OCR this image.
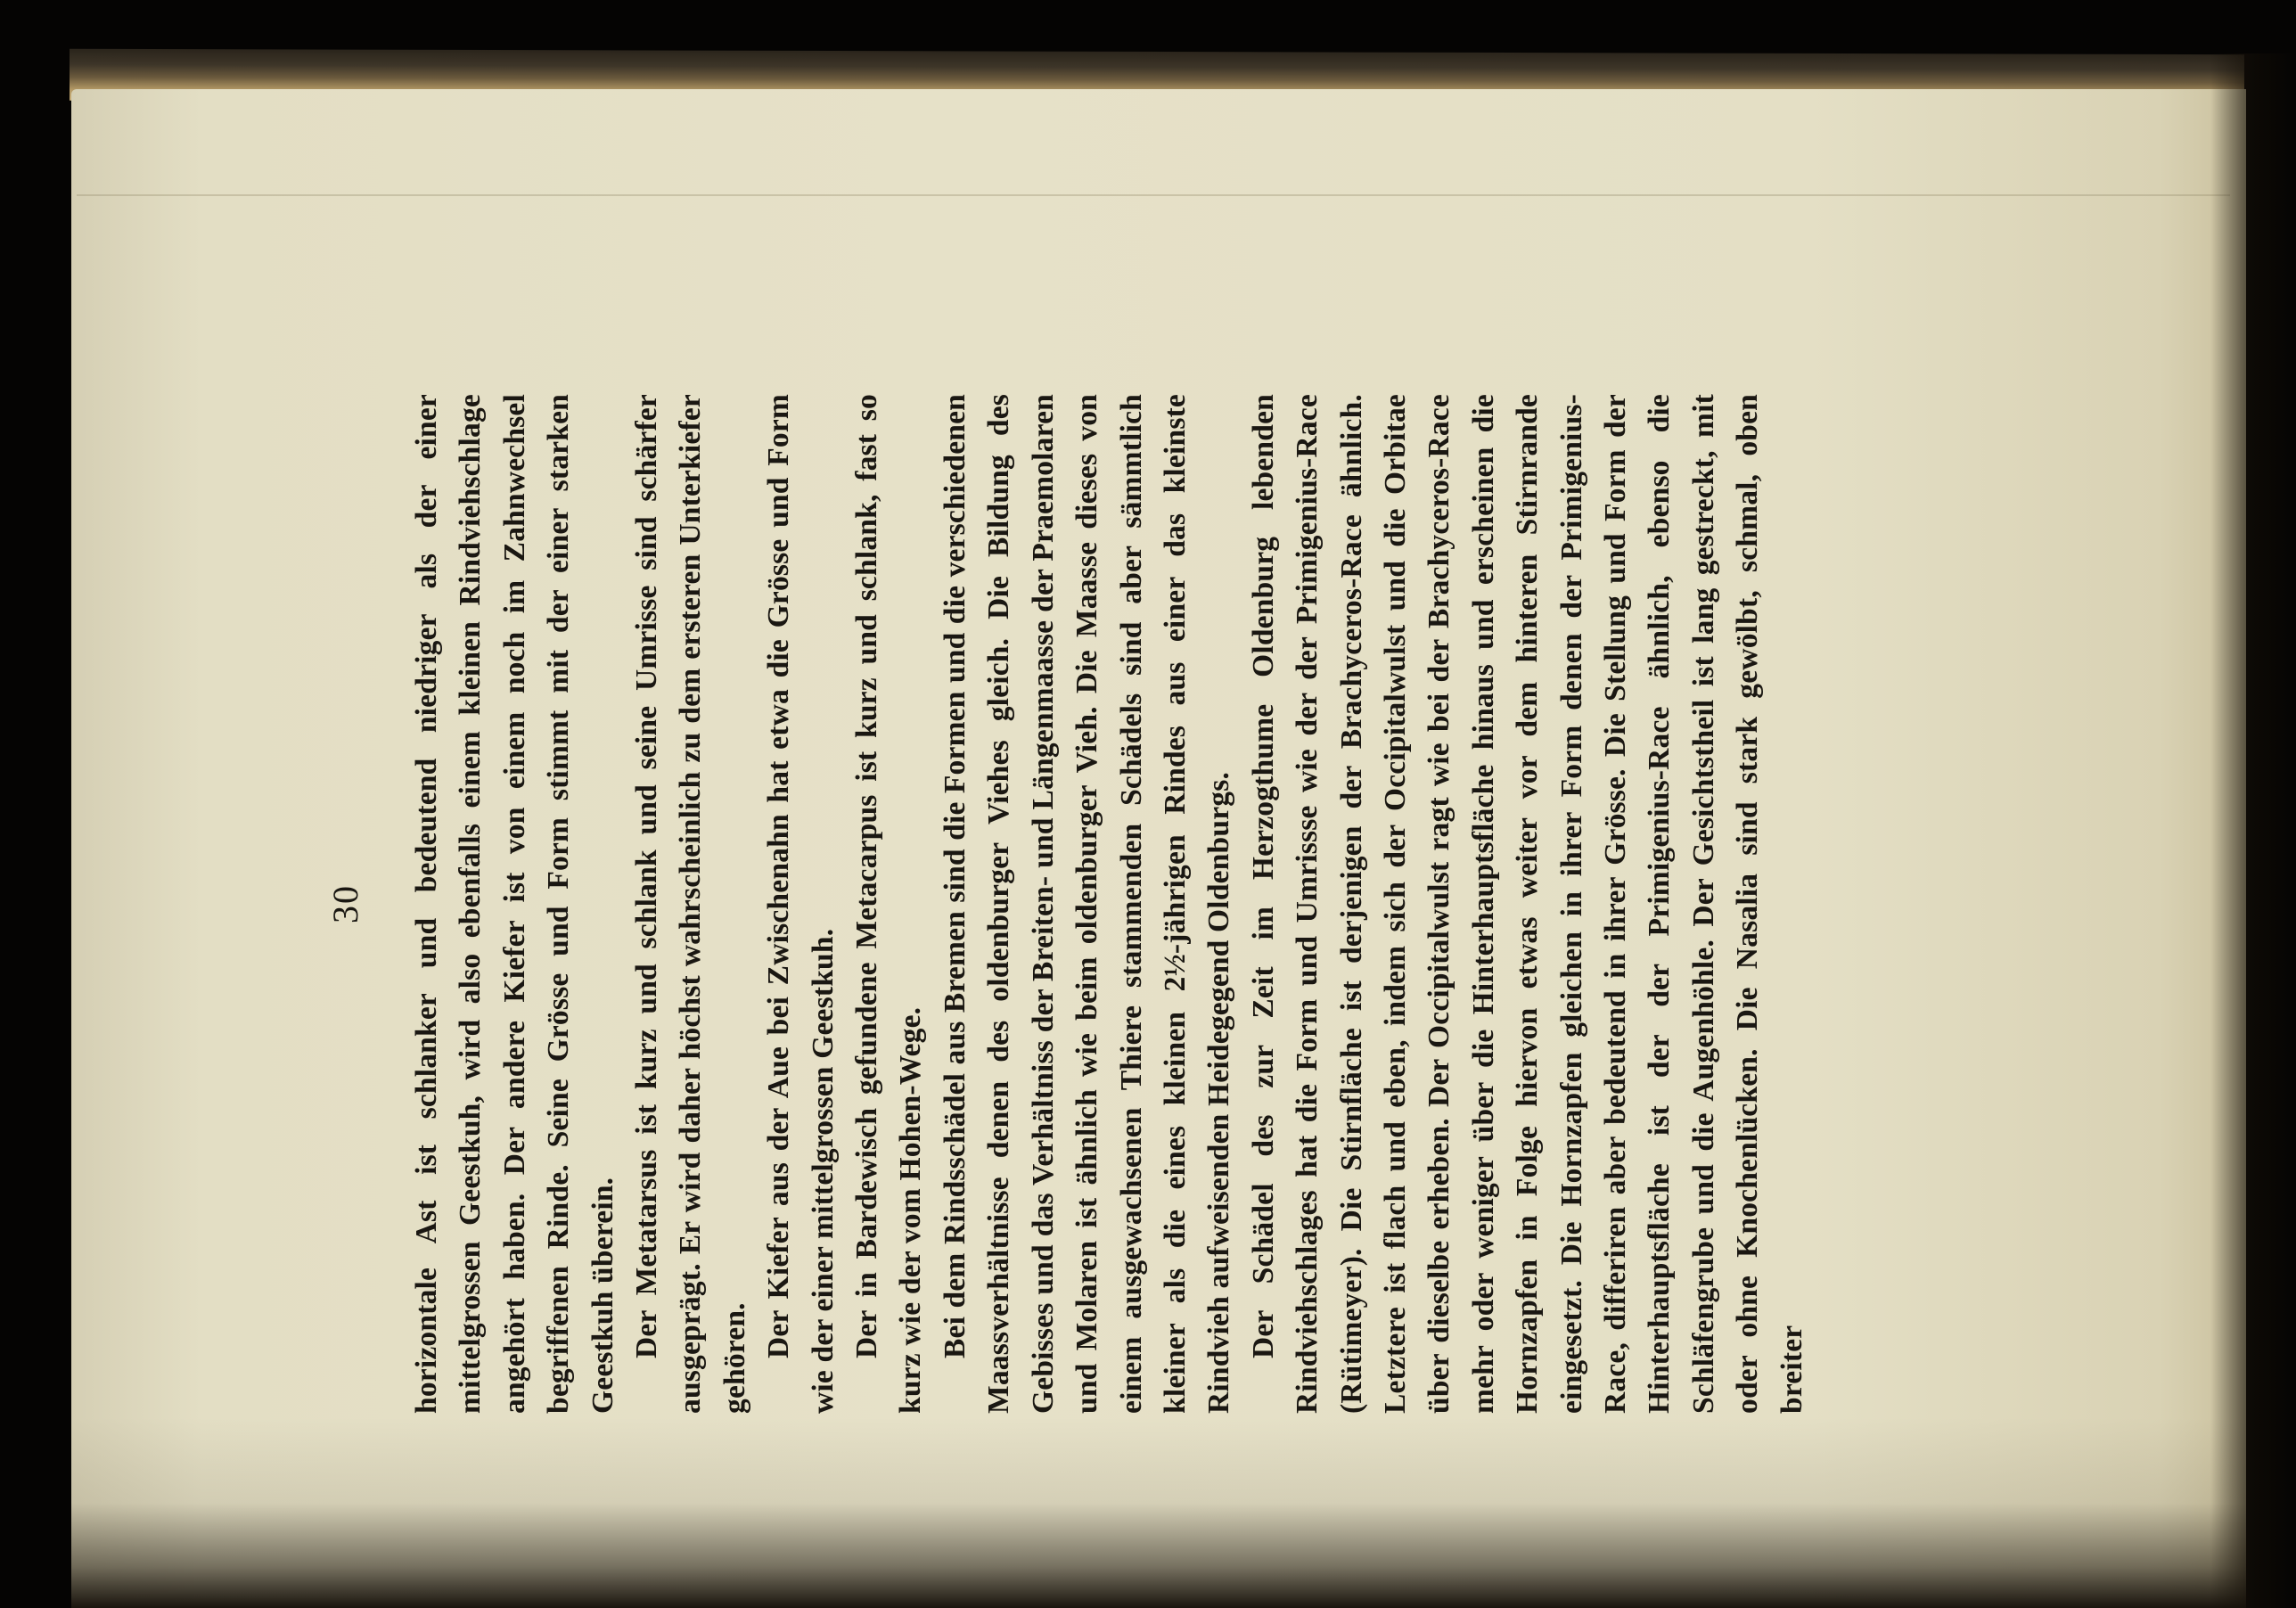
30 horizontale Ast ist schlanker und bedeutend niedriger als der einer mittelgrossen Geestkuh, wird also ebenfalls einem kleinen Rindviehschlage angehört haben. Der andere Kiefer ist von einem noch im Zahnwechsel begriffenen Rinde. Seine Grösse und Form stimmt mit der einer starken Geestkuh überein. Der Metatarsus ist kurz und schlank und seine Umrisse sind schärfer ausgeprägt. Er wird daher höchst wahrscheinlich zu dem ersteren Unterkiefer gehören. Der Kiefer aus der Aue bei Zwischenahn hat etwa die Grösse und Form wie der einer mittelgrossen Geestkuh. Der in Bardewisch gefundene Metacarpus ist kurz und schlank, fast so kurz wie der vom Hohen-Wege. Bei dem Rindsschädel aus Bremen sind die Formen und die verschiedenen Maassverhältnisse denen des oldenburger Viehes gleich. Die Bildung des Gebisses und das Verhältniss der Breiten- und Längenmaasse der Praemolaren und Molaren ist ähnlich wie beim oldenburger Vieh. Die Maasse dieses von einem ausgewachsenen Thiere stammenden Schädels sind aber sämmtlich kleiner als die eines kleinen 2½-jährigen Rindes aus einer das kleinste Rindvieh aufweisenden Heidegegend Oldenburgs. Der Schädel des zur Zeit im Herzogthume Oldenburg lebenden Rindviehschlages hat die Form und Umrissse wie der der Primigenius-Race (Rütimeyer). Die Stirnfläche ist derjenigen der Brachyceros-Race ähnlich. Letztere ist flach und eben, indem sich der Occipitalwulst und die Orbitae über dieselbe erheben. Der Occipitalwulst ragt wie bei der Brachyceros-Race mehr oder weniger über die Hinterhauptsfläche hinaus und erscheinen die Hornzapfen in Folge hiervon etwas weiter vor dem hinteren Stirnrande eingesetzt. Die Hornzapfen gleichen in ihrer Form denen der Primigenius-Race, differiren aber bedeutend in ihrer Grösse. Die Stellung und Form der Hinterhauptsfläche ist der der Primigenius-Race ähnlich, ebenso die Schläfengrube und die Augenhöhle. Der Gesichtstheil ist lang gestreckt, mit oder ohne Knochenlücken. Die Nasalia sind stark gewölbt, schmal, oben breiter
